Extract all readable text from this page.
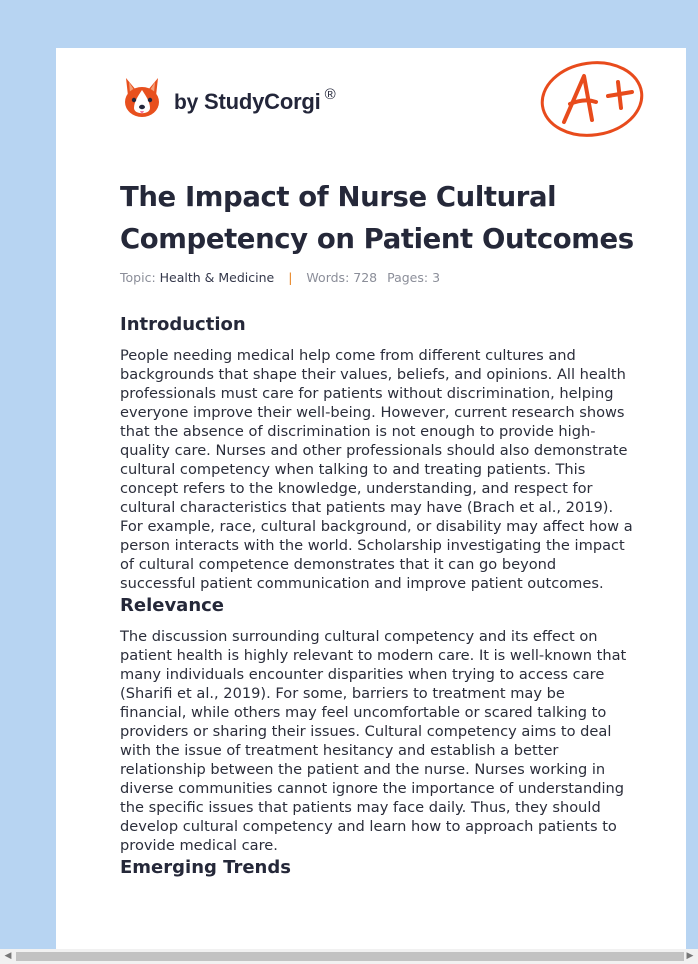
by StudyCorgi ®
A+
The Impact of Nurse Cultural Competency on Patient Outcomes
Topic: Health & Medicine | Words: 728 Pages: 3
Introduction

People needing medical help come from different cultures and backgrounds that shape their values, beliefs, and opinions. All health professionals must care for patients without discrimination, helping everyone improve their well-being. However, current research shows that the absence of discrimination is not enough to provide high-quality care. Nurses and other professionals should also demonstrate cultural competency when talking to and treating patients. This concept refers to the knowledge, understanding, and respect for cultural characteristics that patients may have (Brach et al., 2019). For example, race, cultural background, or disability may affect how a person interacts with the world. Scholarship investigating the impact of cultural competence demonstrates that it can go beyond successful patient communication and improve patient outcomes.

Relevance

The discussion surrounding cultural competency and its effect on patient health is highly relevant to modern care. It is well-known that many individuals encounter disparities when trying to access care (Sharifi et al., 2019). For some, barriers to treatment may be financial, while others may feel uncomfortable or scared talking to providers or sharing their issues. Cultural competency aims to deal with the issue of treatment hesitancy and establish a better relationship between the patient and the nurse. Nurses working in diverse communities cannot ignore the importance of understanding the specific issues that patients may face daily. Thus, they should develop cultural competency and learn how to approach patients to provide medical care.

Emerging Trends
◀	▶
